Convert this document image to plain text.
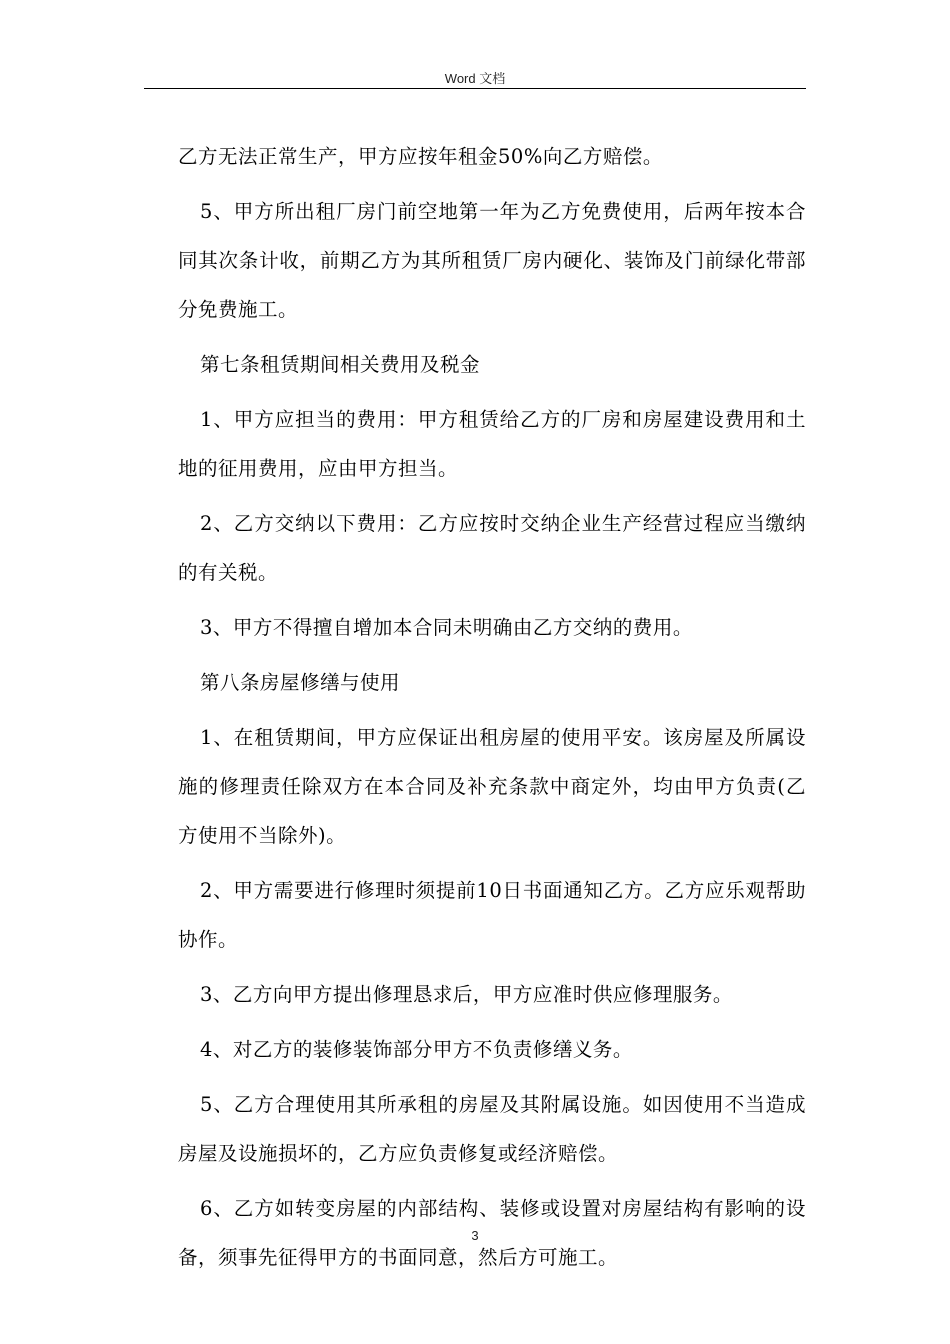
Word 文档

乙方无法正常生产，甲方应按年租金50%向乙方赔偿。

5、甲方所出租厂房门前空地第一年为乙方免费使用，后两年按本合同其次条计收，前期乙方为其所租赁厂房内硬化、装饰及门前绿化带部分免费施工。

第七条租赁期间相关费用及税金

1、甲方应担当的费用：甲方租赁给乙方的厂房和房屋建设费用和土地的征用费用，应由甲方担当。

2、乙方交纳以下费用：乙方应按时交纳企业生产经营过程应当缴纳的有关税。

3、甲方不得擅自增加本合同未明确由乙方交纳的费用。

第八条房屋修缮与使用

1、在租赁期间，甲方应保证出租房屋的使用平安。该房屋及所属设施的修理责任除双方在本合同及补充条款中商定外，均由甲方负责(乙方使用不当除外)。

2、甲方需要进行修理时须提前10日书面通知乙方。乙方应乐观帮助协作。

3、乙方向甲方提出修理恳求后，甲方应准时供应修理服务。

4、对乙方的装修装饰部分甲方不负责修缮义务。

5、乙方合理使用其所承租的房屋及其附属设施。如因使用不当造成房屋及设施损坏的，乙方应负责修复或经济赔偿。

6、乙方如转变房屋的内部结构、装修或设置对房屋结构有影响的设备，须事先征得甲方的书面同意，然后方可施工。

3
